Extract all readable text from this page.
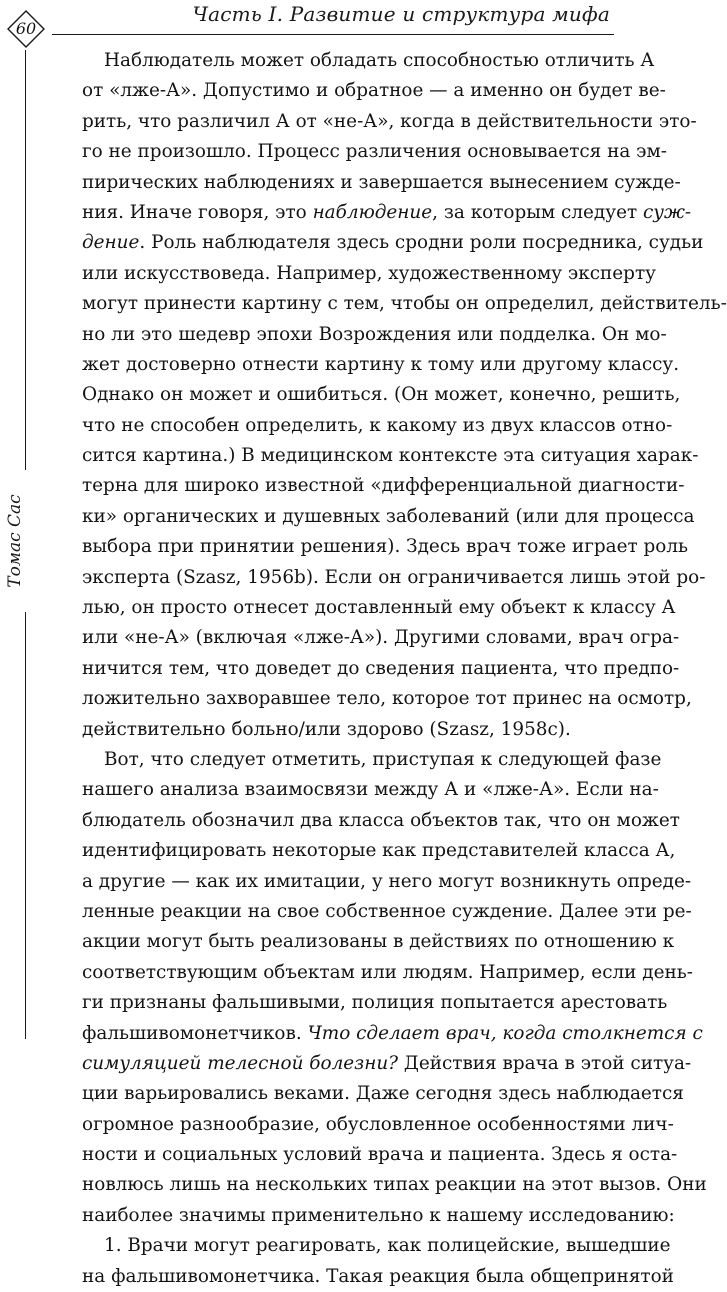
Часть I. Развитие и структура мифа
60
Томас Сас
Наблюдатель может обладать способностью отличить А
от «лже-А». Допустимо и обратное — а именно он будет ве-
рить, что различил А от «не-А», когда в действительности это-
го не произошло. Процесс различения основывается на эм-
пирических наблюдениях и завершается вынесением сужде-
ния. Иначе говоря, это наблюдение, за которым следует суж-
дение. Роль наблюдателя здесь сродни роли посредника, судьи
или искусствоведа. Например, художественному эксперту
могут принести картину с тем, чтобы он определил, действитель-
но ли это шедевр эпохи Возрождения или подделка. Он мо-
жет достоверно отнести картину к тому или другому классу.
Однако он может и ошибиться. (Он может, конечно, решить,
что не способен определить, к какому из двух классов отно-
сится картина.) В медицинском контексте эта ситуация харак-
терна для широко известной «дифференциальной диагности-
ки» органических и душевных заболеваний (или для процесса
выбора при принятии решения). Здесь врач тоже играет роль
эксперта (Szasz, 1956b). Если он ограничивается лишь этой ро-
лью, он просто отнесет доставленный ему объект к классу А
или «не-А» (включая «лже-А»). Другими словами, врач огра-
ничится тем, что доведет до сведения пациента, что предпо-
ложительно захворавшее тело, которое тот принес на осмотр,
действительно больно/или здорово (Szasz, 1958c).
Вот, что следует отметить, приступая к следующей фазе
нашего анализа взаимосвязи между А и «лже-А». Если на-
блюдатель обозначил два класса объектов так, что он может
идентифицировать некоторые как представителей класса А,
а другие — как их имитации, у него могут возникнуть опреде-
ленные реакции на свое собственное суждение. Далее эти ре-
акции могут быть реализованы в действиях по отношению к
соответствующим объектам или людям. Например, если день-
ги признаны фальшивыми, полиция попытается арестовать
фальшивомонетчиков. Что сделает врач, когда столкнется с
симуляцией телесной болезни? Действия врача в этой ситуа-
ции варьировались веками. Даже сегодня здесь наблюдается
огромное разнообразие, обусловленное особенностями лич-
ности и социальных условий врача и пациента. Здесь я оста-
новлюсь лишь на нескольких типах реакции на этот вызов. Они
наиболее значимы применительно к нашему исследованию:
1. Врачи могут реагировать, как полицейские, вышедшие
на фальшивомонетчика. Такая реакция была общепринятой
